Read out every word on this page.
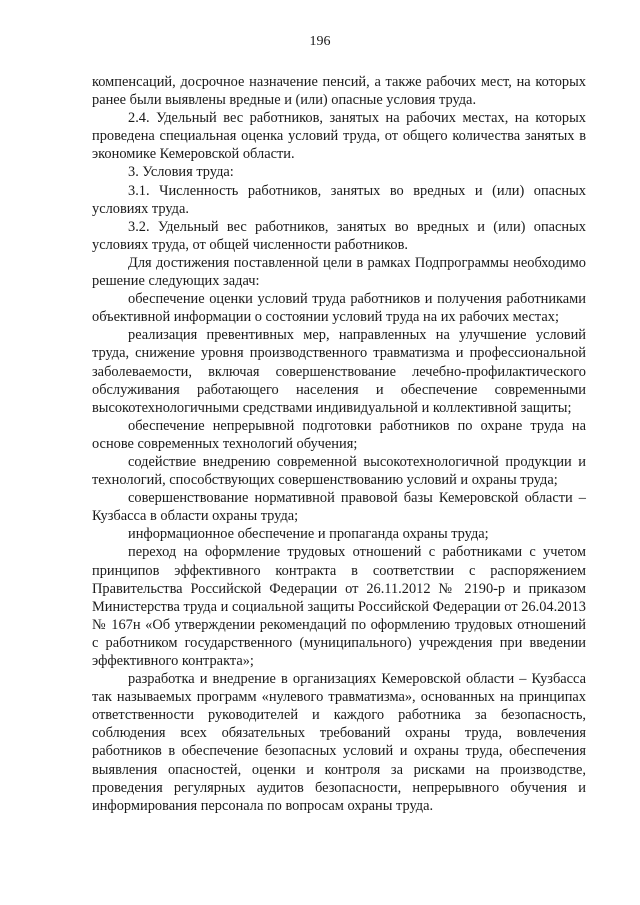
196

компенсаций, досрочное назначение пенсий, а также рабочих мест, на которых ранее были выявлены вредные и (или) опасные условия труда.

2.4. Удельный вес работников, занятых на рабочих местах, на которых проведена специальная оценка условий труда, от общего количества занятых в экономике Кемеровской области.

3. Условия труда:

3.1. Численность работников, занятых во вредных и (или) опасных условиях труда.

3.2. Удельный вес работников, занятых во вредных и (или) опасных условиях труда, от общей численности работников.

Для достижения поставленной цели в рамках Подпрограммы необходимо решение следующих задач:

обеспечение оценки условий труда работников и получения работниками объективной информации о состоянии условий труда на их рабочих местах;

реализация превентивных мер, направленных на улучшение условий труда, снижение уровня производственного травматизма и профессиональной заболеваемости, включая совершенствование лечебно-профилактического обслуживания работающего населения и обеспечение современными высокотехнологичными средствами индивидуальной и коллективной защиты;

обеспечение непрерывной подготовки работников по охране труда на основе современных технологий обучения;

содействие внедрению современной высокотехнологичной продукции и технологий, способствующих совершенствованию условий и охраны труда;

совершенствование нормативной правовой базы Кемеровской области – Кузбасса в области охраны труда;

информационное обеспечение и пропаганда охраны труда;

переход на оформление трудовых отношений с работниками с учетом принципов эффективного контракта в соответствии с распоряжением Правительства Российской Федерации от 26.11.2012 № 2190-р и приказом Министерства труда и социальной защиты Российской Федерации от 26.04.2013 № 167н «Об утверждении рекомендаций по оформлению трудовых отношений с работником государственного (муниципального) учреждения при введении эффективного контракта»;

разработка и внедрение в организациях Кемеровской области – Кузбасса так называемых программ «нулевого травматизма», основанных на принципах ответственности руководителей и каждого работника за безопасность, соблюдения всех обязательных требований охраны труда, вовлечения работников в обеспечение безопасных условий и охраны труда, обеспечения выявления опасностей, оценки и контроля за рисками на производстве, проведения регулярных аудитов безопасности, непрерывного обучения и информирования персонала по вопросам охраны труда.
